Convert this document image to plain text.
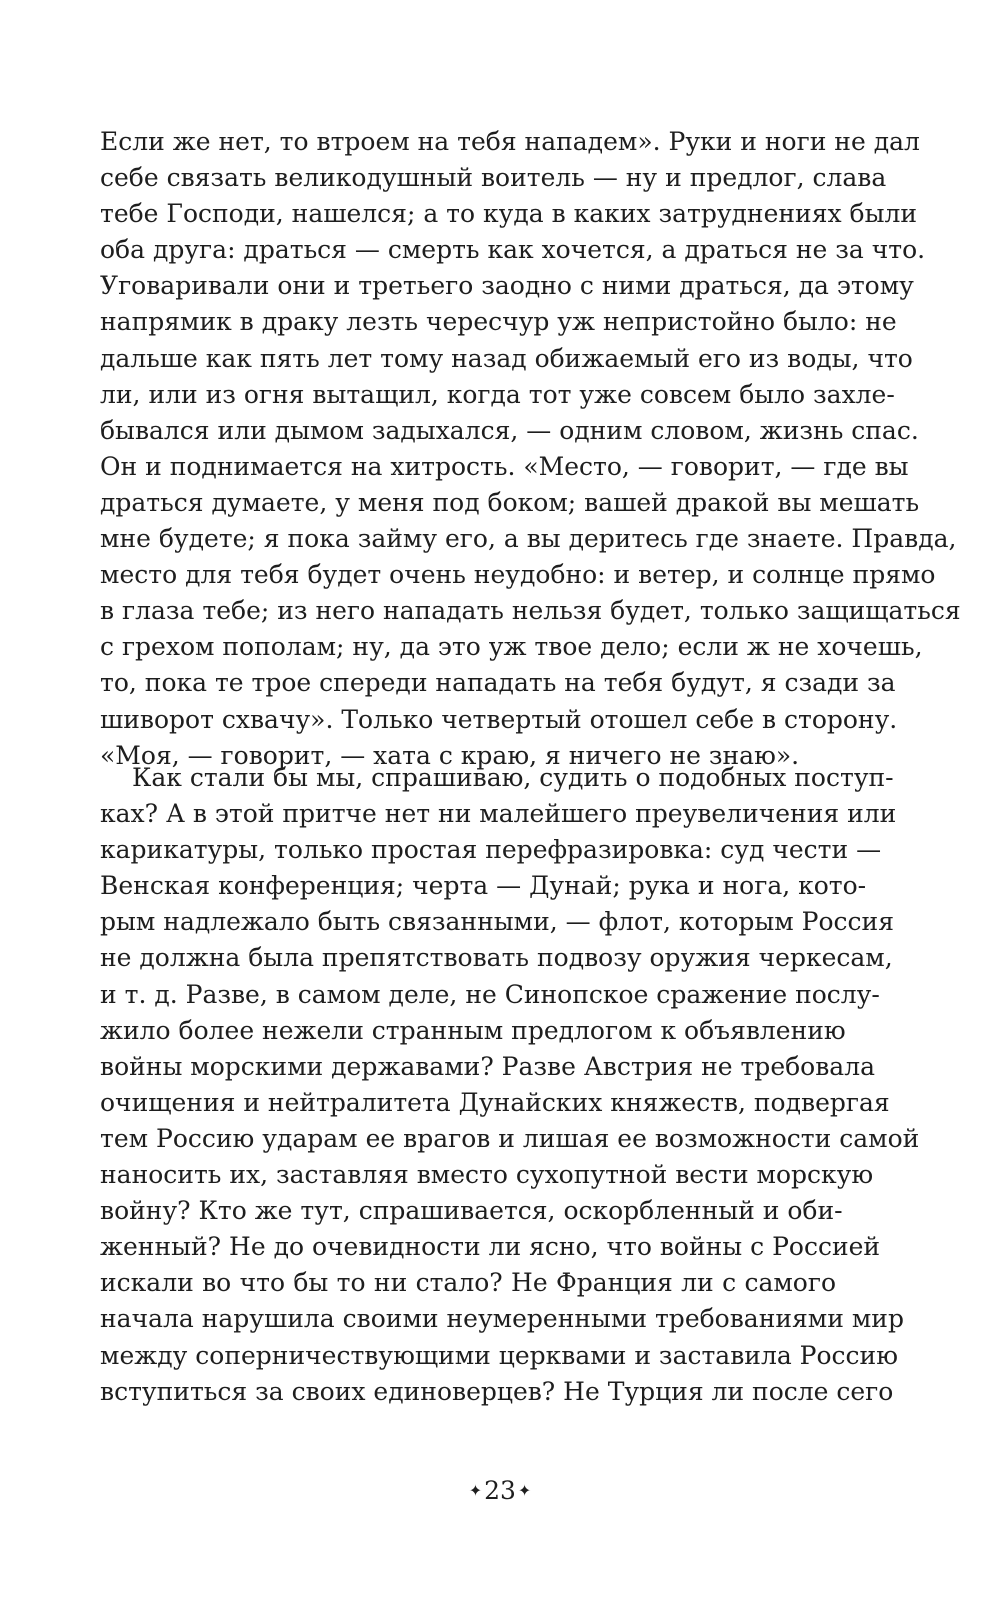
Если же нет, то втроем на тебя нападем». Руки и ноги не дал
себе связать великодушный воитель — ну и предлог, слава
тебе Господи, нашелся; а то куда в каких затруднениях были
оба друга: драться — смерть как хочется, а драться не за что.
Уговаривали они и третьего заодно с ними драться, да этому
напрямик в драку лезть чересчур уж непристойно было: не
дальше как пять лет тому назад обижаемый его из воды, что
ли, или из огня вытащил, когда тот уже совсем было захле-
бывался или дымом задыхался, — одним словом, жизнь спас.
Он и поднимается на хитрость. «Место, — говорит, — где вы
драться думаете, у меня под боком; вашей дракой вы мешать
мне будете; я пока займу его, а вы деритесь где знаете. Правда,
место для тебя будет очень неудобно: и ветер, и солнце прямо
в глаза тебе; из него нападать нельзя будет, только защищаться
с грехом пополам; ну, да это уж твое дело; если ж не хочешь,
то, пока те трое спереди нападать на тебя будут, я сзади за
шиворот схвачу». Только четвертый отошел себе в сторону.
«Моя, — говорит, — хата с краю, я ничего не знаю».
Как стали бы мы, спрашиваю, судить о подобных поступ-
ках? А в этой притче нет ни малейшего преувеличения или
карикатуры, только простая перефразировка: суд чести —
Венская конференция; черта — Дунай; рука и нога, кото-
рым надлежало быть связанными, — флот, которым Россия
не должна была препятствовать подвозу оружия черкесам,
и т. д. Разве, в самом деле, не Синопское сражение послу-
жило более нежели странным предлогом к объявлению
войны морскими державами? Разве Австрия не требовала
очищения и нейтралитета Дунайских княжеств, подвергая
тем Россию ударам ее врагов и лишая ее возможности самой
наносить их, заставляя вместо сухопутной вести морскую
войну? Кто же тут, спрашивается, оскорбленный и оби-
женный? Не до очевидности ли ясно, что войны с Россией
искали во что бы то ни стало? Не Франция ли с самого
начала нарушила своими неумеренными требованиями мир
между соперничествующими церквами и заставила Россию
вступиться за своих единоверцев? Не Турция ли после сего
✦23 ✦
